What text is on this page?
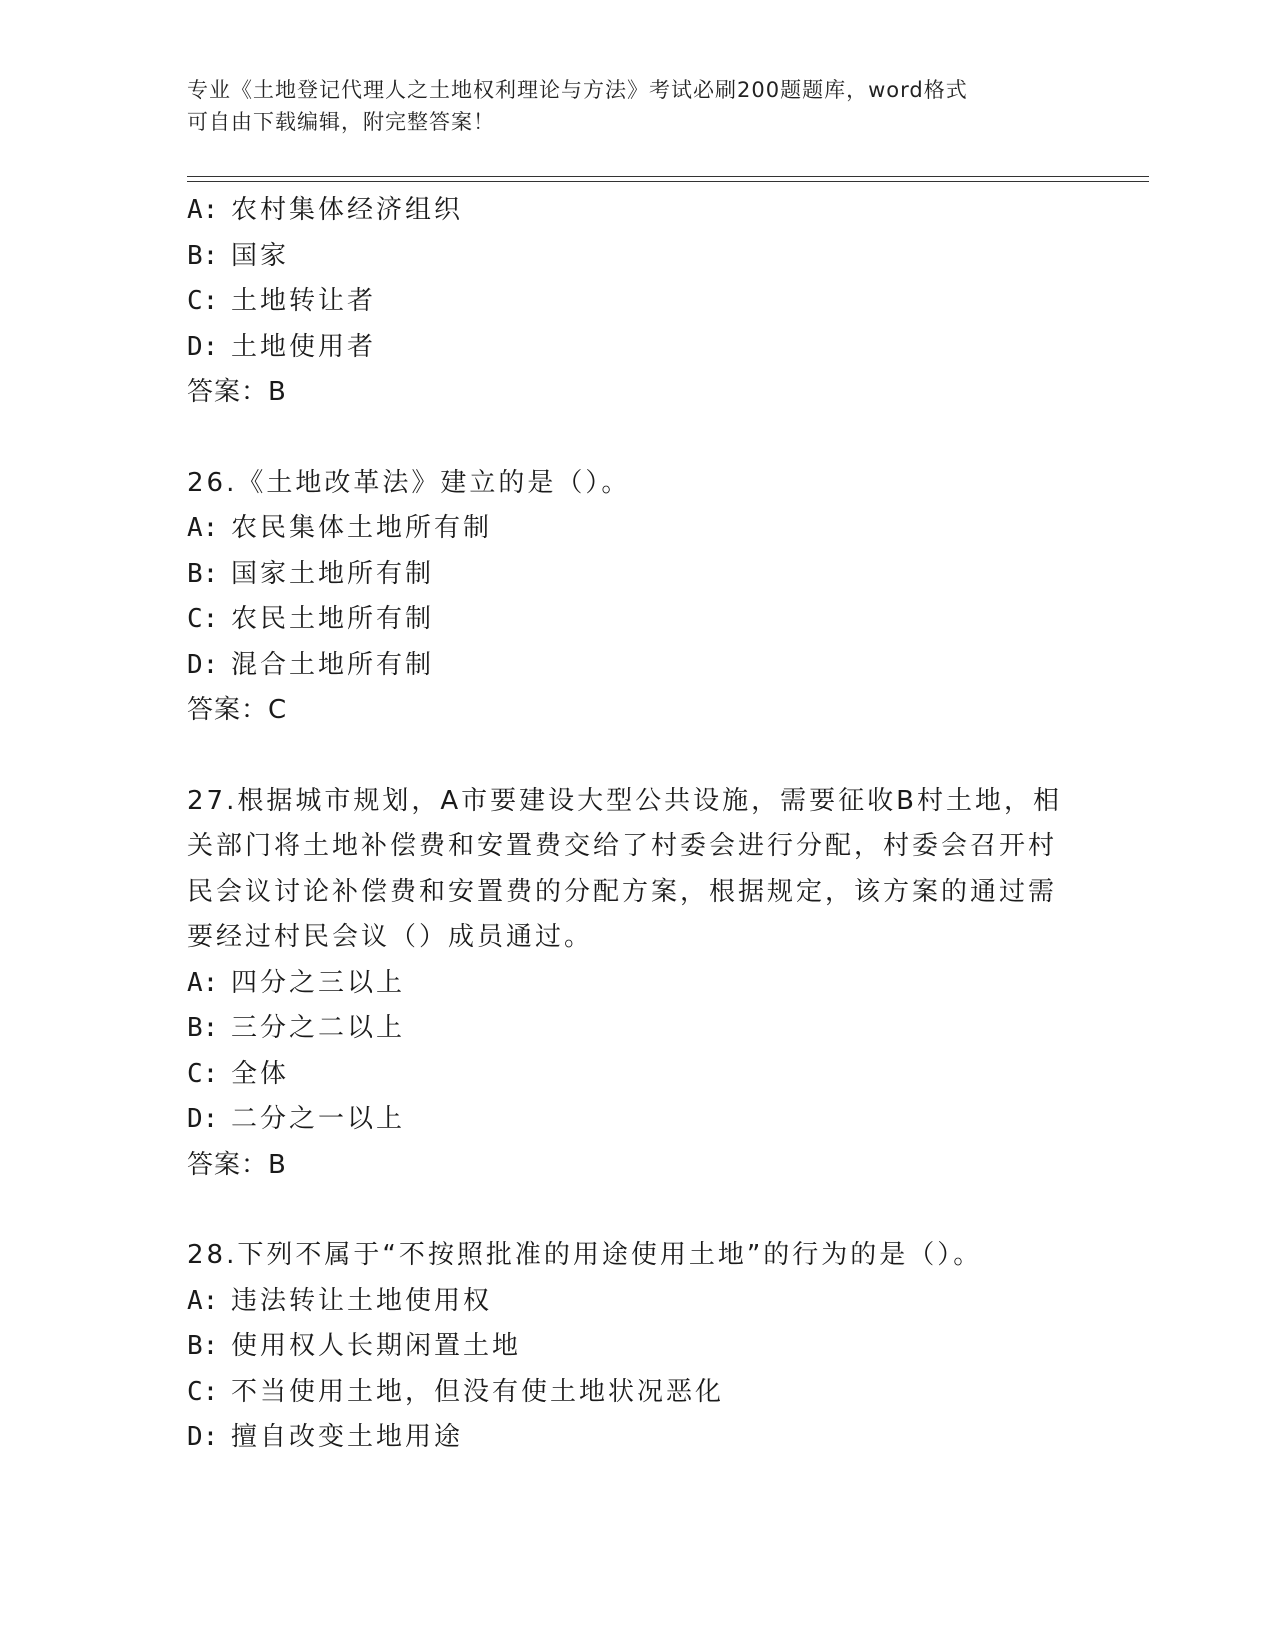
专业《土地登记代理人之土地权利理论与方法》考试必刷200题题库，word格式
可自由下载编辑，附完整答案！
A: 农村集体经济组织
B: 国家
C: 土地转让者
D: 土地使用者
答案：B
26.《土地改革法》建立的是（）。
A: 农民集体土地所有制
B: 国家土地所有制
C: 农民土地所有制
D: 混合土地所有制
答案：C
27.根据城市规划，A市要建设大型公共设施，需要征收B村土地，相
关部门将土地补偿费和安置费交给了村委会进行分配，村委会召开村
民会议讨论补偿费和安置费的分配方案，根据规定，该方案的通过需
要经过村民会议（）成员通过。
A: 四分之三以上
B: 三分之二以上
C: 全体
D: 二分之一以上
答案：B
28.下列不属于“不按照批准的用途使用土地”的行为的是（）。
A: 违法转让土地使用权
B: 使用权人长期闲置土地
C: 不当使用土地，但没有使土地状况恶化
D: 擅自改变土地用途
